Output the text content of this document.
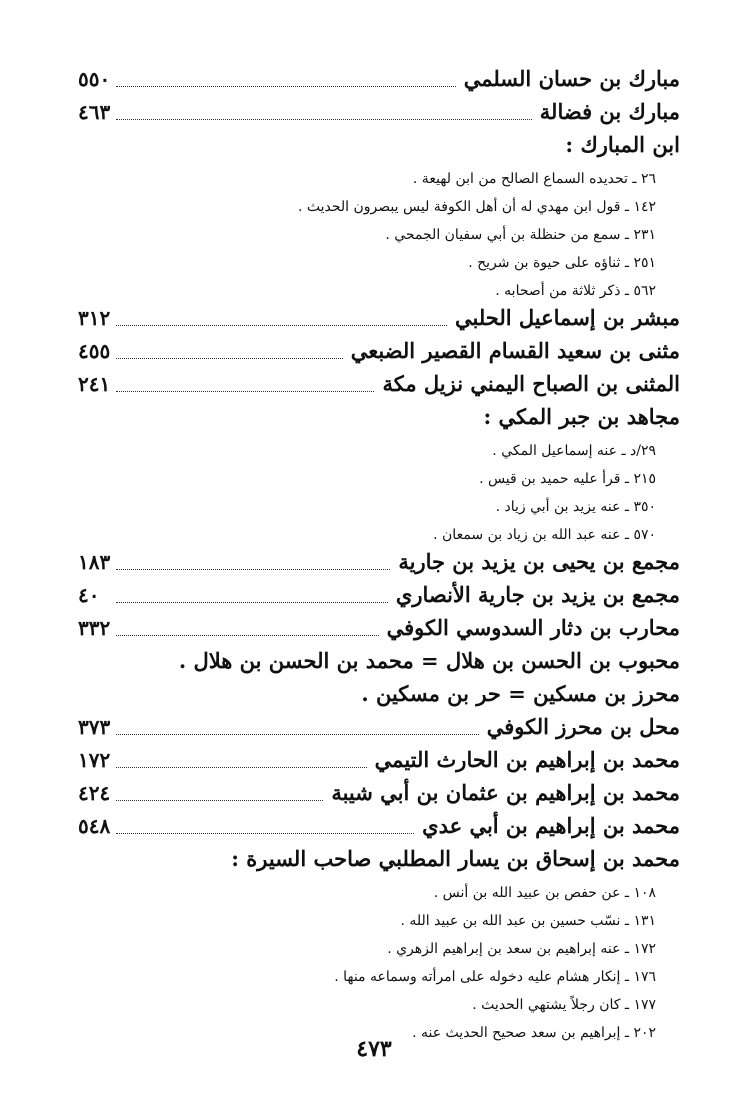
مبارك بن حسان السلمي
٥٥٠
مبارك بن فضالة
٤٦٣
ابن المبارك :
٢٦ ـ تحديده السماع الصالح من ابن لهيعة .
١٤٢ ـ قول ابن مهدي له أن أهل الكوفة ليس يبصرون الحديث .
٢٣١ ـ سمع من حنظلة بن أبي سفيان الجمحي .
٢٥١ ـ ثناؤه على حيوة بن شريح .
٥٦٢ ـ ذكر ثلاثة من أصحابه .
مبشر بن إسماعيل الحلبي
٣١٢
مثنى بن سعيد القسام القصير الضبعي
٤٥٥
المثنى بن الصباح اليمني نزيل مكة
٢٤١
مجاهد بن جبر المكي :
٢٩/د ـ عنه إسماعيل المكي .
٢١٥ ـ قرأ عليه حميد بن قيس .
٣٥٠ ـ عنه يزيد بن أبي زياد .
٥٧٠ ـ عنه عبد الله بن زياد بن سمعان .
مجمع بن يحيى بن يزيد بن جارية
١٨٣
مجمع بن يزيد بن جارية الأنصاري
٤٠
محارب بن دثار السدوسي الكوفي
٣٣٢
محبوب بن الحسن بن هلال = محمد بن الحسن بن هلال .
محرز بن مسكين = حر بن مسكين .
محل بن محرز الكوفي
٣٧٣
محمد بن إبراهيم بن الحارث التيمي
١٧٢
محمد بن إبراهيم بن عثمان بن أبي شيبة
٤٢٤
محمد بن إبراهيم بن أبي عدي
٥٤٨
محمد بن إسحاق بن يسار المطلبي صاحب السيرة :
١٠٨ ـ عن حفص بن عبيد الله بن أنس .
١٣١ ـ نسّب حسين بن عبد الله بن عبيد الله .
١٧٢ ـ عنه إبراهيم بن سعد بن إبراهيم الزهري .
١٧٦ ـ إنكار هشام عليه دخوله على امرأته وسماعه منها .
١٧٧ ـ كان رجلاً يشتهي الحديث .
٢٠٢ ـ إبراهيم بن سعد صحيح الحديث عنه .
٤٧٣
